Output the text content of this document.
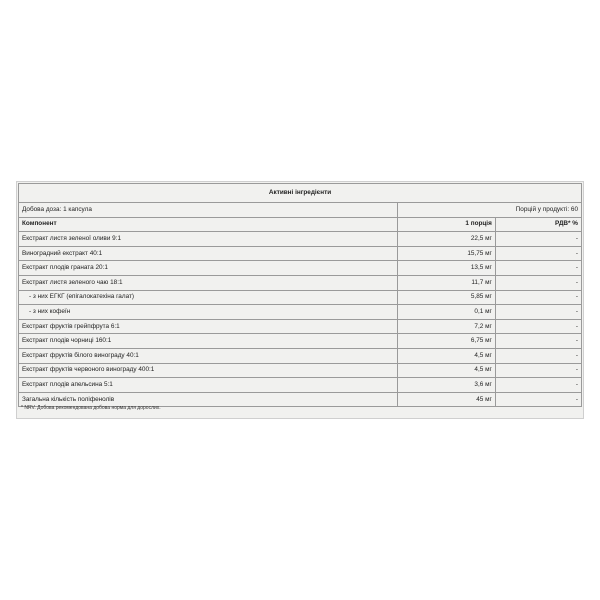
Активні інгредієнти		
Добова доза: 1 капсула	Порцій у продукті: 60	
Компонент	1 порція	РДВ* %
Екстракт листя зеленої оливи 9:1	22,5 мг	-
Виноградний екстракт 40:1	15,75 мг	-
Екстракт плодів граната 20:1	13,5 мг	-
Екстракт листя зеленого чаю 18:1	11,7 мг	-
- з них ЕГКГ (епігалокатехіна галат)	5,85 мг	-
- з них кофеїн	0,1 мг	-
Екстракт фруктів грейпфрута 6:1	7,2 мг	-
Екстракт плодів чорниці 160:1	6,75 мг	-
Екстракт фруктів білого винограду 40:1	4,5 мг	-
Екстракт фруктів червоного винограду 400:1	4,5 мг	-
Екстракт плодів апельсина 5:1	3,6 мг	-
Загальна кількість поліфенолів	45 мг	-
* NRV. Добова рекомендована добова норма для дорослих.
